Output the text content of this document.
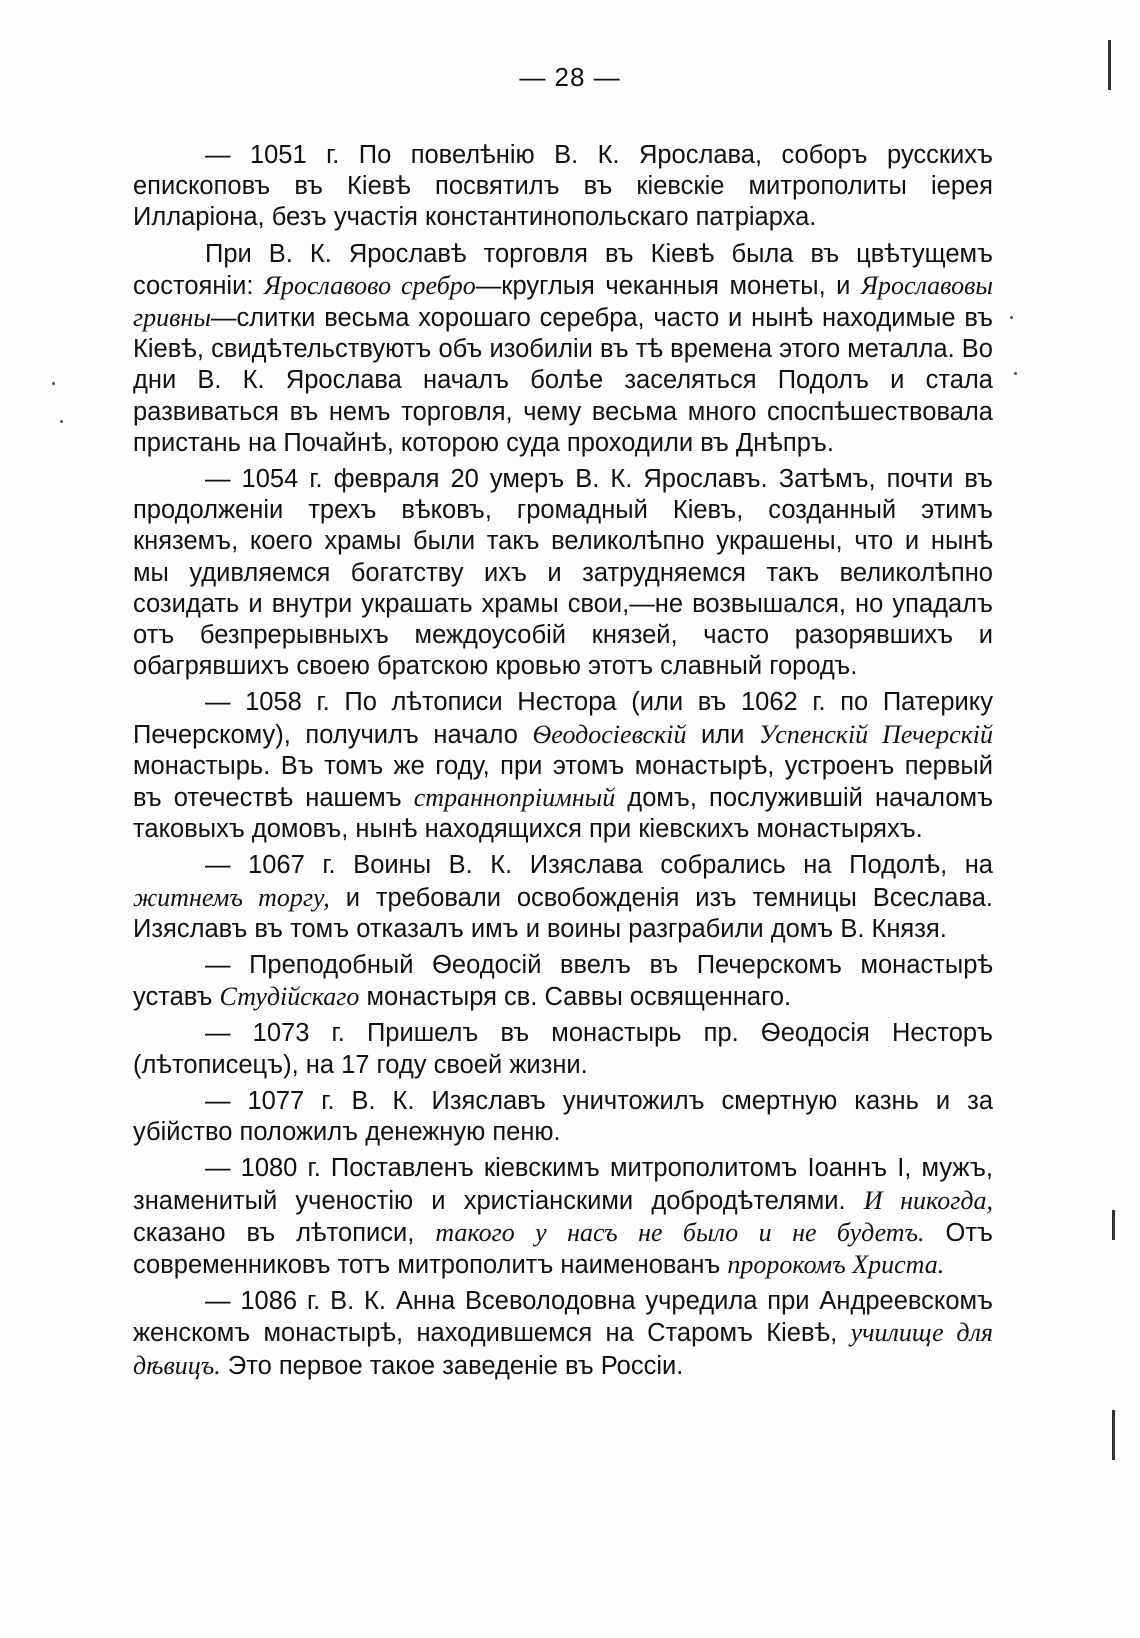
— 28 —

— 1051 г. По повелѣнію В. К. Ярослава, соборъ русскихъ епископовъ въ Кіевѣ посвятилъ въ кіевскіе митрополиты іерея Илларіона, безъ участія константинопольскаго патріарха.

При В. К. Ярославѣ торговля въ Кіевѣ была въ цвѣтущемъ состояніи: Ярославово сребро—круглыя чеканныя монеты, и Ярославовы гривны—слитки весьма хорошаго серебра, часто и нынѣ находимые въ Кіевѣ, свидѣтельствуютъ объ изобиліи въ тѣ времена этого металла. Во дни В. К. Ярослава началъ болѣе заселяться Подолъ и стала развиваться въ немъ торговля, чему весьма много споспѣшествовала пристань на Почайнѣ, которою суда проходили въ Днѣпръ.

— 1054 г. февраля 20 умеръ В. К. Ярославъ. Затѣмъ, почти въ продолженіи трехъ вѣковъ, громадный Кіевъ, созданный этимъ княземъ, коего храмы были такъ великолѣпно украшены, что и нынѣ мы удивляемся богатству ихъ и затрудняемся такъ великолѣпно созидать и внутри украшать храмы свои,—не возвышался, но упадалъ отъ безпрерывныхъ междоусобій князей, часто разорявшихъ и обагрявшихъ своею братскою кровью этотъ славный городъ.

— 1058 г. По лѣтописи Нестора (или въ 1062 г. по Патерику Печерскому), получилъ начало Ѳеодосіевскій или Успенскій Печерскій монастырь. Въ томъ же году, при этомъ монастырѣ, устроенъ первый въ отечествѣ нашемъ страннопріимный домъ, послужившій началомъ таковыхъ домовъ, нынѣ находящихся при кіевскихъ монастыряхъ.

— 1067 г. Воины В. К. Изяслава собрались на Подолѣ, на житнемъ торгу, и требовали освобожденія изъ темницы Всеслава. Изяславъ въ томъ отказалъ имъ и воины разграбили домъ В. Князя.

— Преподобный Ѳеодосій ввелъ въ Печерскомъ монастырѣ уставъ Студійскаго монастыря св. Саввы освященнаго.

— 1073 г. Пришелъ въ монастырь пр. Ѳеодосія Несторъ (лѣтописецъ), на 17 году своей жизни.

— 1077 г. В. К. Изяславъ уничтожилъ смертную казнь и за убійство положилъ денежную пеню.

— 1080 г. Поставленъ кіевскимъ митрополитомъ Іоаннъ I, мужъ, знаменитый ученостію и христіанскими добродѣтелями. И никогда, сказано въ лѣтописи, такого у насъ не было и не будетъ. Отъ современниковъ тотъ митрополитъ наименованъ пророкомъ Христа.

— 1086 г. В. К. Анна Всеволодовна учредила при Андреевскомъ женскомъ монастырѣ, находившемся на Старомъ Кіевѣ, училище для дѣвицъ. Это первое такое заведеніе въ Россіи.
